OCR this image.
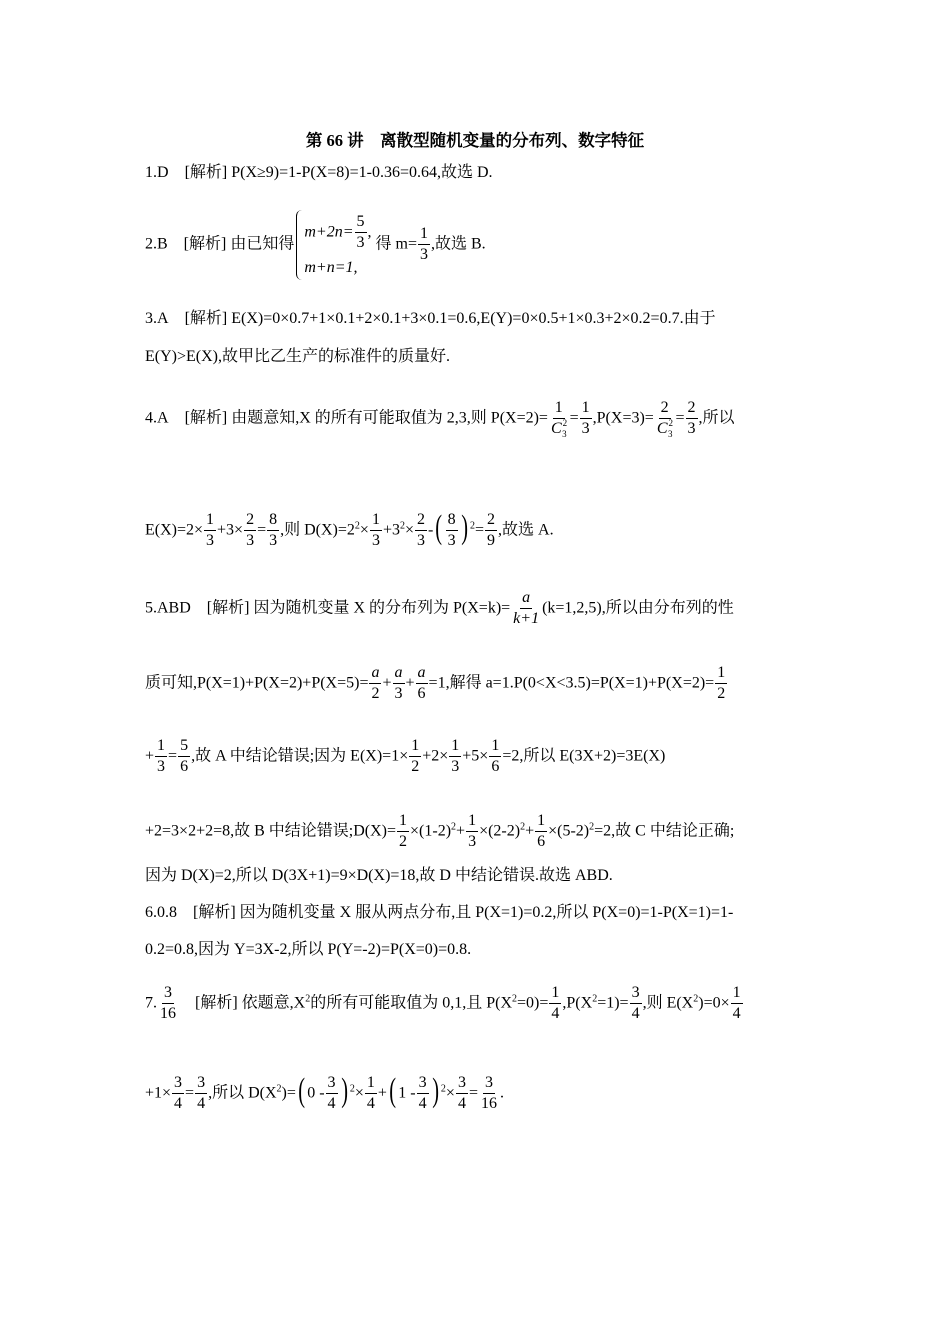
第 66 讲　离散型随机变量的分布列、数字特征
1.D [解析] P(X≥9)=1-P(X=8)=1-0.36=0.64,故选 D.
2.B [解析] 由已知得
$m+2n= \frac{5}{3}$ ,
m+n=1,
得 $m= \frac{1}{3}$ ,故选 B.
3.A [解析] E(X)=0×0.7+1×0.1+2×0.1+3×0.1=0.6,E(Y)=0×0.5+1×0.3+2×0.2=0.7.由于
E(Y)>E(X),故甲比乙生产的标准件的质量好.
4.A [解析] 由题意知,X 的所有可能取值为 2,3,则 $P(X=2)= \frac{1}{C^2_3} = \frac{1}{3} ,P(X=3)= \frac{2}{C^2_3} = \frac{2}{3}$ ,所以
$E(X)=2\times \frac{1}{3} +3\times \frac{2}{3} = \frac{8}{3}$ ,则 $D(X)=2^2\times \frac{1}{3} +3^2\times \frac{2}{3}$ -( $\frac{8}{3}$ ) $^2= \frac{2}{9}$ ,故选 A.
5.ABD [解析] 因为随机变量 X 的分布列为 $P(X=k)= \frac{a}{k+1} (k=1,2,5)$,所以由分布列的性
质可知$,P(X=1)+P(X=2)+P(X=5)= \frac{a}{2} + \frac{a}{3} + \frac{a}{6} =1$,解得 $a=1.P(0<X<3.5)=P(X=1)+P(X=2)= \frac{1}{2}$
+ $\frac{1}{3} = \frac{5}{6}$ ,故 A 中结论错误;因为 $E(X)=1\times \frac{1}{2} +2\times \frac{1}{3} +5\times \frac{1}{6} =2$,所以 E(3X+2)=3E(X)
+2=3×2+2=8,故 B 中结论错误;D(X)= $\frac{1}{2} \times(1-2)^2+ \frac{1}{3} \times(2-2)^2+ \frac{1}{6} \times(5-2)^2=2$,故 C 中结论正确;
因为 D(X)=2,所以 D(3X+1)=9×D(X)=18,故 D 中结论错误.故选 ABD.
6.0.8 [解析] 因为随机变量 X 服从两点分布,且 P(X=1)=0.2,所以 P(X=0)=1-P(X=1)=1-
0.2=0.8,因为 Y=3X-2,所以 P(Y=-2)=P(X=0)=0.8.
7. $\frac{3}{16}$ [解析] 依题意$,X^2$的所有可能取值为 0,1,且 $P(X^2=0)= \frac{1}{4} ,P(X^2=1)= \frac{3}{4}$ ,则 $E(X^2)=0\times \frac{1}{4}$
$+1\times \frac{3}{4} = \frac{3}{4}$ ,所以 $D(X^2)=$( $0 - \frac{3}{4}$ ) $^2\times \frac{1}{4}$ +( $1 - \frac{3}{4}$ ) $^2\times \frac{3}{4} = \frac{3}{16}$ .
